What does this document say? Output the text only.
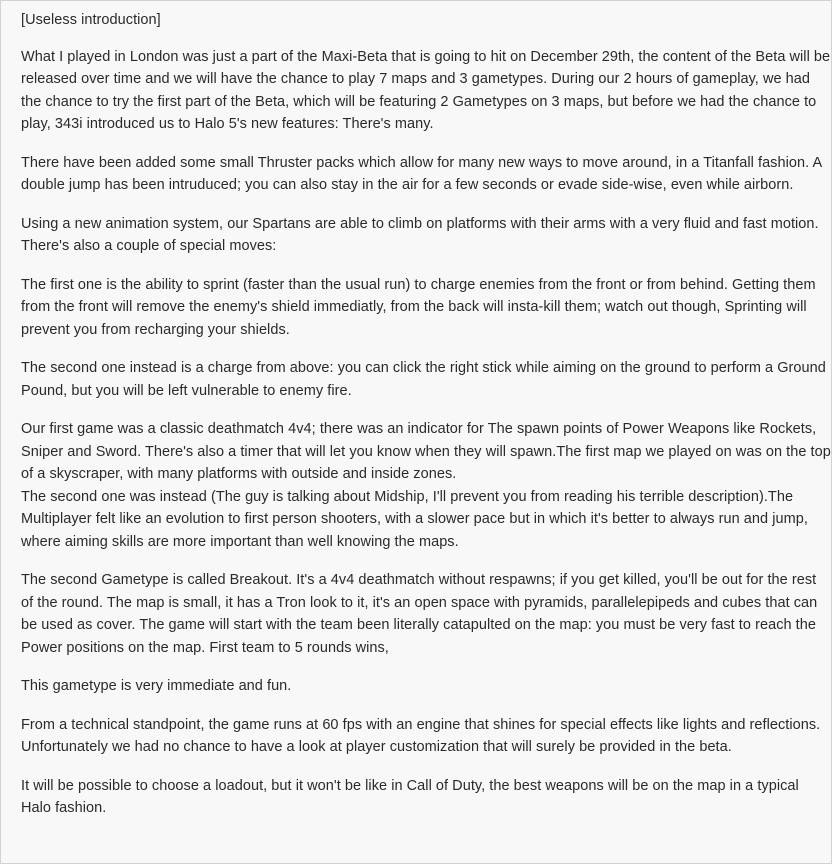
[Useless introduction]

What I played in London was just a part of the Maxi-Beta that is going to hit on December 29th, the content of the Beta will be released over time and we will have the chance to play 7 maps and 3 gametypes. During our 2 hours of gameplay, we had the chance to try the first part of the Beta, which will be featuring 2 Gametypes on 3 maps, but before we had the chance to play, 343i introduced us to Halo 5's new features: There's many.

There have been added some small Thruster packs which allow for many new ways to move around, in a Titanfall fashion. A double jump has been intruduced; you can also stay in the air for a few seconds or evade side-wise, even while airborn.

Using a new animation system, our Spartans are able to climb on platforms with their arms with a very fluid and fast motion. There's also a couple of special moves:

The first one is the ability to sprint (faster than the usual run) to charge enemies from the front or from behind. Getting them from the front will remove the enemy's shield immediatly, from the back will insta-kill them; watch out though, Sprinting will prevent you from recharging your shields.

The second one instead is a charge from above: you can click the right stick while aiming on the ground to perform a Ground Pound, but you will be left vulnerable to enemy fire.

Our first game was a classic deathmatch 4v4; there was an indicator for The spawn points of Power Weapons like Rockets, Sniper and Sword. There's also a timer that will let you know when they will spawn.The first map we played on was on the top of a skyscraper, with many platforms with outside and inside zones.

The second one was instead (The guy is talking about Midship, I'll prevent you from reading his terrible description).The Multiplayer felt like an evolution to first person shooters, with a slower pace but in which it's better to always run and jump, where aiming skills are more important than well knowing the maps.

The second Gametype is called Breakout. It's a 4v4 deathmatch without respawns; if you get killed, you'll be out for the rest of the round. The map is small, it has a Tron look to it, it's an open space with pyramids, parallelepipeds and cubes that can be used as cover. The game will start with the team been literally catapulted on the map: you must be very fast to reach the Power positions on the map. First team to 5 rounds wins,

This gametype is very immediate and fun.

From a technical standpoint, the game runs at 60 fps with an engine that shines for special effects like lights and reflections. Unfortunately we had no chance to have a look at player customization that will surely be provided in the beta.

It will be possible to choose a loadout, but it won't be like in Call of Duty, the best weapons will be on the map in a typical Halo fashion.
